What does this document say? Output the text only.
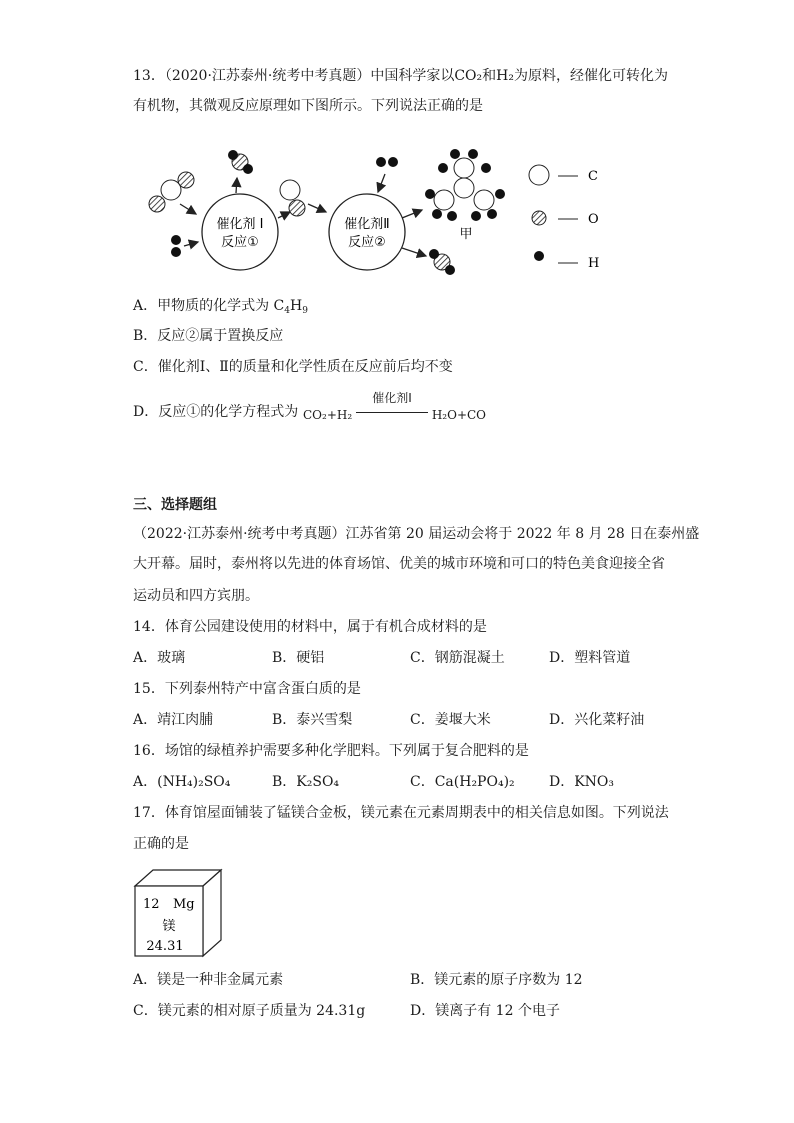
13．（2020·江苏泰州·统考中考真题）中国科学家以CO₂和H₂为原料，经催化可转化为
有机物，其微观反应原理如下图所示。下列说法正确的是
催化剂 I
反应①
催化剂Ⅱ
反应②
甲
C
O
H
A．甲物质的化学式为 $C_4H_9$
B．反应②属于置换反应
C．催化剂Ⅰ、Ⅱ的质量和化学性质在反应前后均不变
D．反应①的化学方程式为 CO₂+H₂
催化剂I
H₂O+CO
三、选择题组
（2022·江苏泰州·统考中考真题）江苏省第 20 届运动会将于 2022 年 8 月 28 日在泰州盛
大开幕。届时，泰州将以先进的体育场馆、优美的城市环境和可口的特色美食迎接全省
运动员和四方宾朋。
14．体育公园建设使用的材料中，属于有机合成材料的是
A．玻璃	B．硬铝	C．钢筋混凝土	D．塑料管道
15．下列泰州特产中富含蛋白质的是
A．靖江肉脯	B．泰兴雪梨	C．姜堰大米	D．兴化菜籽油
16．场馆的绿植养护需要多种化学肥料。下列属于复合肥料的是
A．(NH₄)₂SO₄	B．K₂SO₄	C．Ca(H₂PO₄)₂ D．KNO₃
17．体育馆屋面铺装了锰镁合金板，镁元素在元素周期表中的相关信息如图。下列说法
正确的是
12 Mg
镁
24.31
A．镁是一种非金属元素	B．镁元素的原子序数为 12
C．镁元素的相对原子质量为 24.31g	D．镁离子有 12 个电子
